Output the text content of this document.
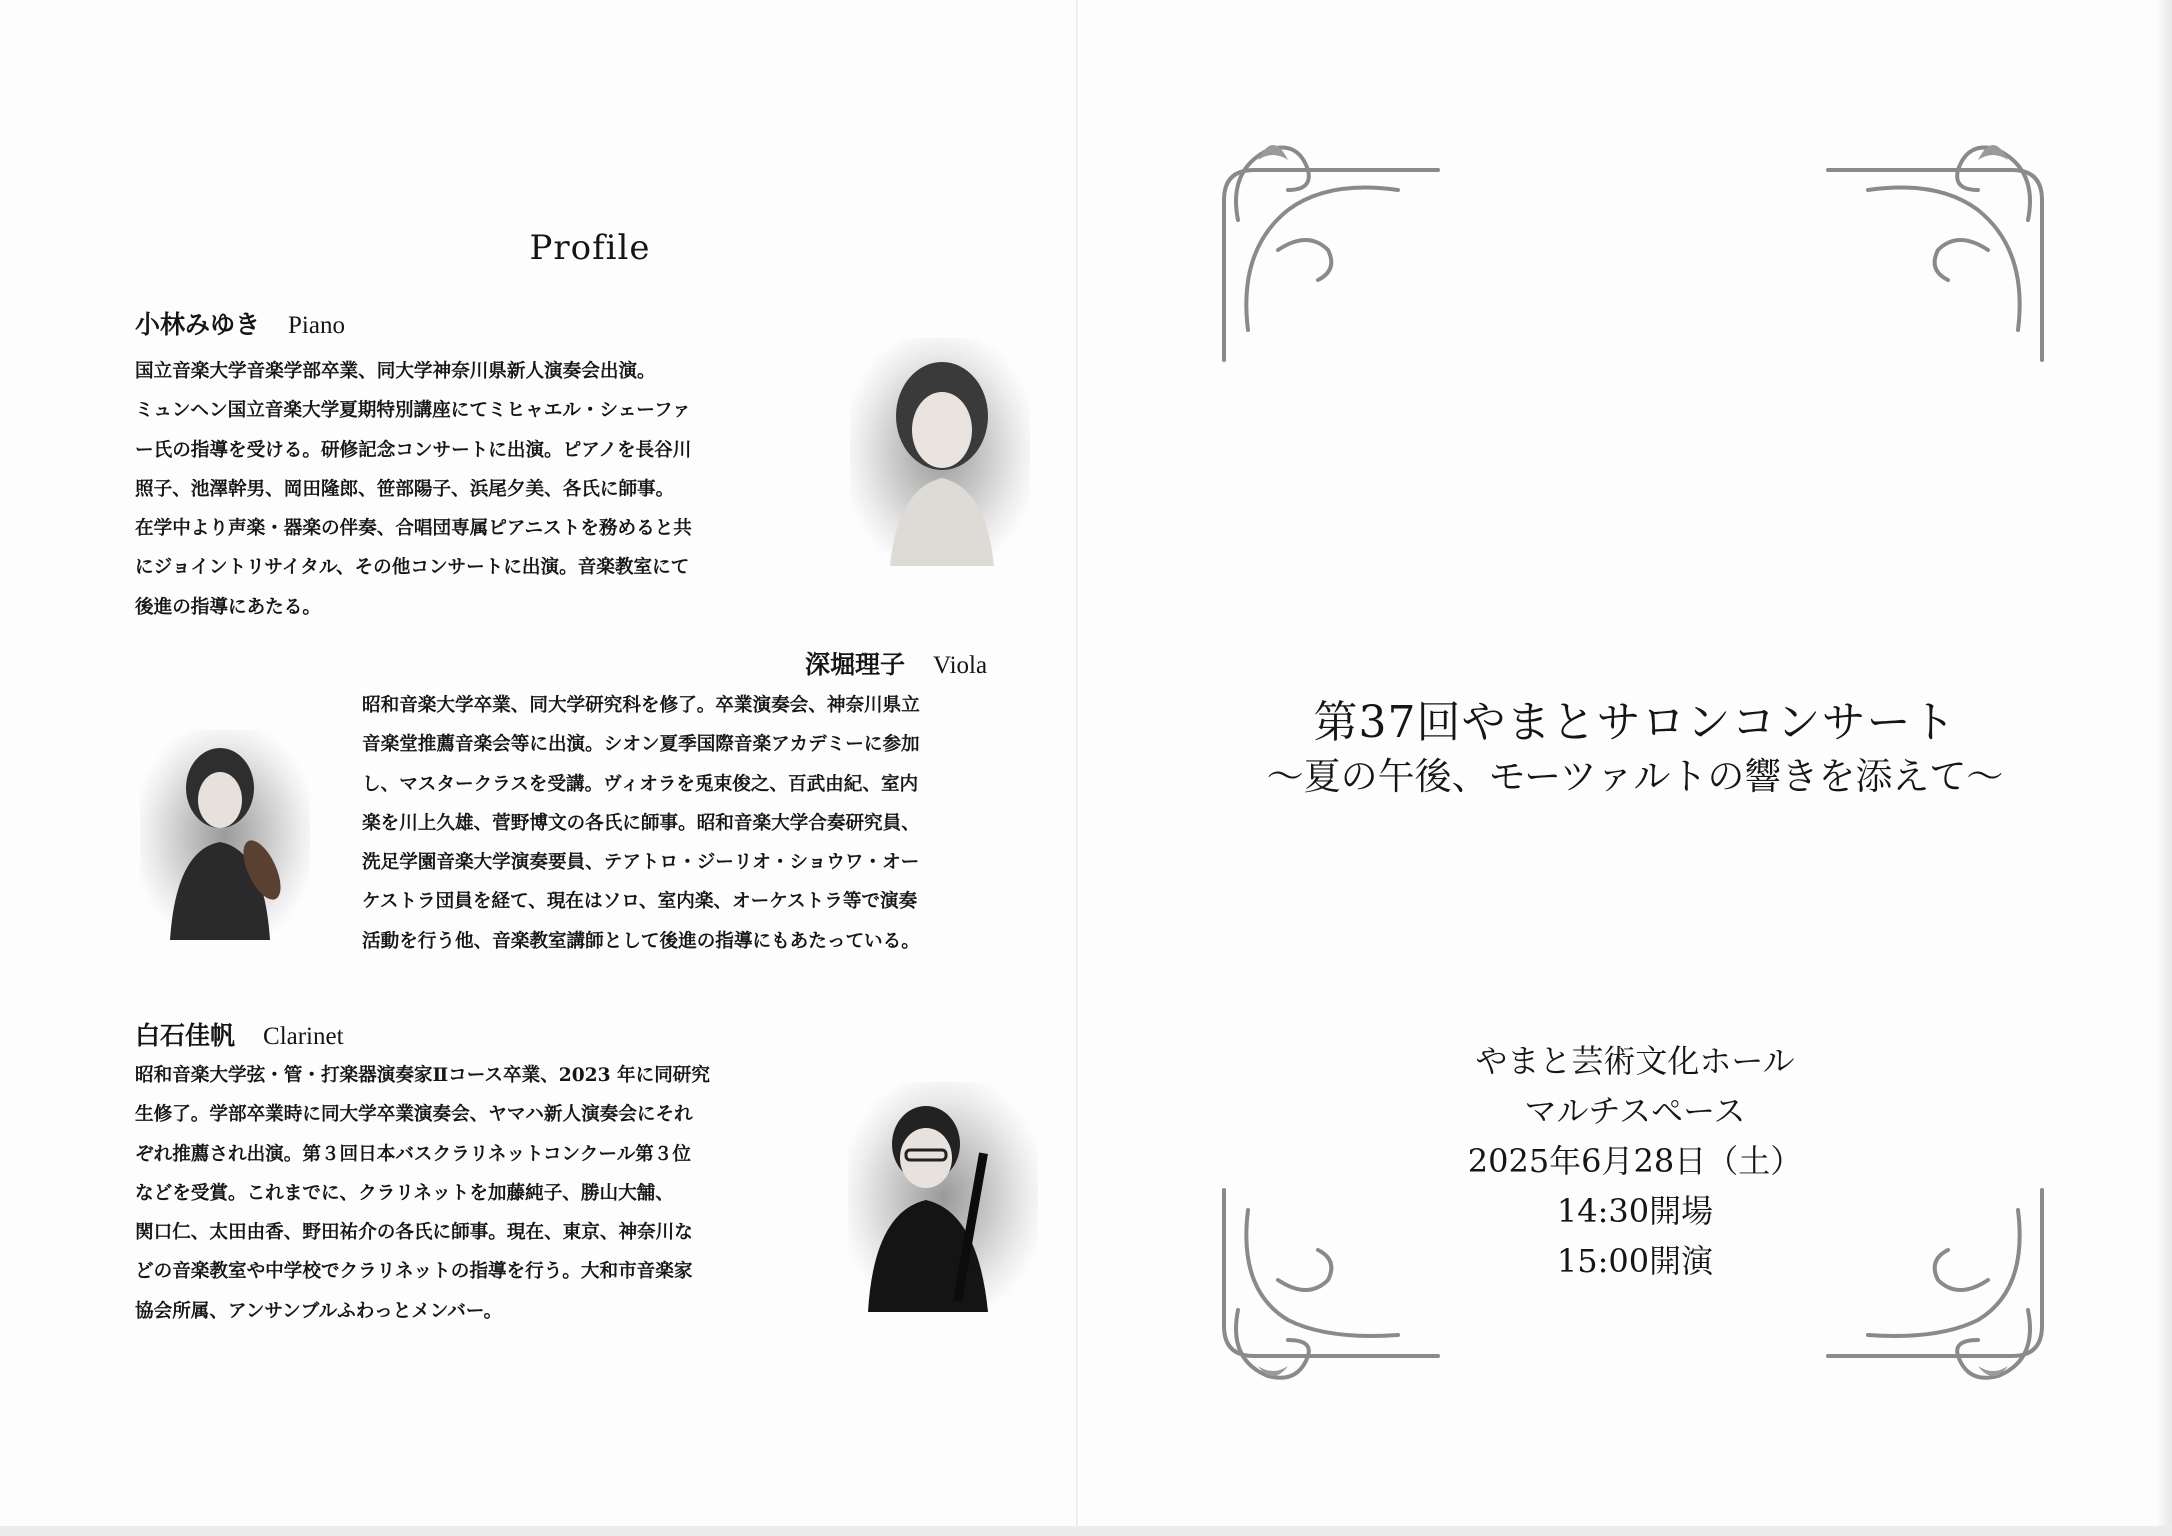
Profile
小林みゆき Piano
国立音楽大学音楽学部卒業、同大学神奈川県新人演奏会出演。
ミュンヘン国立音楽大学夏期特別講座にてミヒャエル・シェーファ
ー氏の指導を受ける。研修記念コンサートに出演。ピアノを長谷川
照子、池澤幹男、岡田隆郎、笹部陽子、浜尾夕美、各氏に師事。
在学中より声楽・器楽の伴奏、合唱団専属ピアニストを務めると共
にジョイントリサイタル、その他コンサートに出演。音楽教室にて
後進の指導にあたる。
深堀理子 Viola
昭和音楽大学卒業、同大学研究科を修了。卒業演奏会、神奈川県立
音楽堂推薦音楽会等に出演。シオン夏季国際音楽アカデミーに参加
し、マスタークラスを受講。ヴィオラを兎束俊之、百武由紀、室内
楽を川上久雄、菅野博文の各氏に師事。昭和音楽大学合奏研究員、
洗足学園音楽大学演奏要員、テアトロ・ジーリオ・ショウワ・オー
ケストラ団員を経て、現在はソロ、室内楽、オーケストラ等で演奏
活動を行う他、音楽教室講師として後進の指導にもあたっている。
白石佳帆 Clarinet
昭和音楽大学弦・管・打楽器演奏家Ⅱコース卒業、2023 年に同研究
生修了。学部卒業時に同大学卒業演奏会、ヤマハ新人演奏会にそれ
ぞれ推薦され出演。第３回日本バスクラリネットコンクール第３位
などを受賞。これまでに、クラリネットを加藤純子、勝山大舗、
関口仁、太田由香、野田祐介の各氏に師事。現在、東京、神奈川な
どの音楽教室や中学校でクラリネットの指導を行う。大和市音楽家
協会所属、アンサンブルふわっとメンバー。
第37回やまとサロンコンサート
〜夏の午後、モーツァルトの響きを添えて〜
やまと芸術文化ホール
マルチスペース
2025年6月28日（土）
14:30開場
15:00開演
